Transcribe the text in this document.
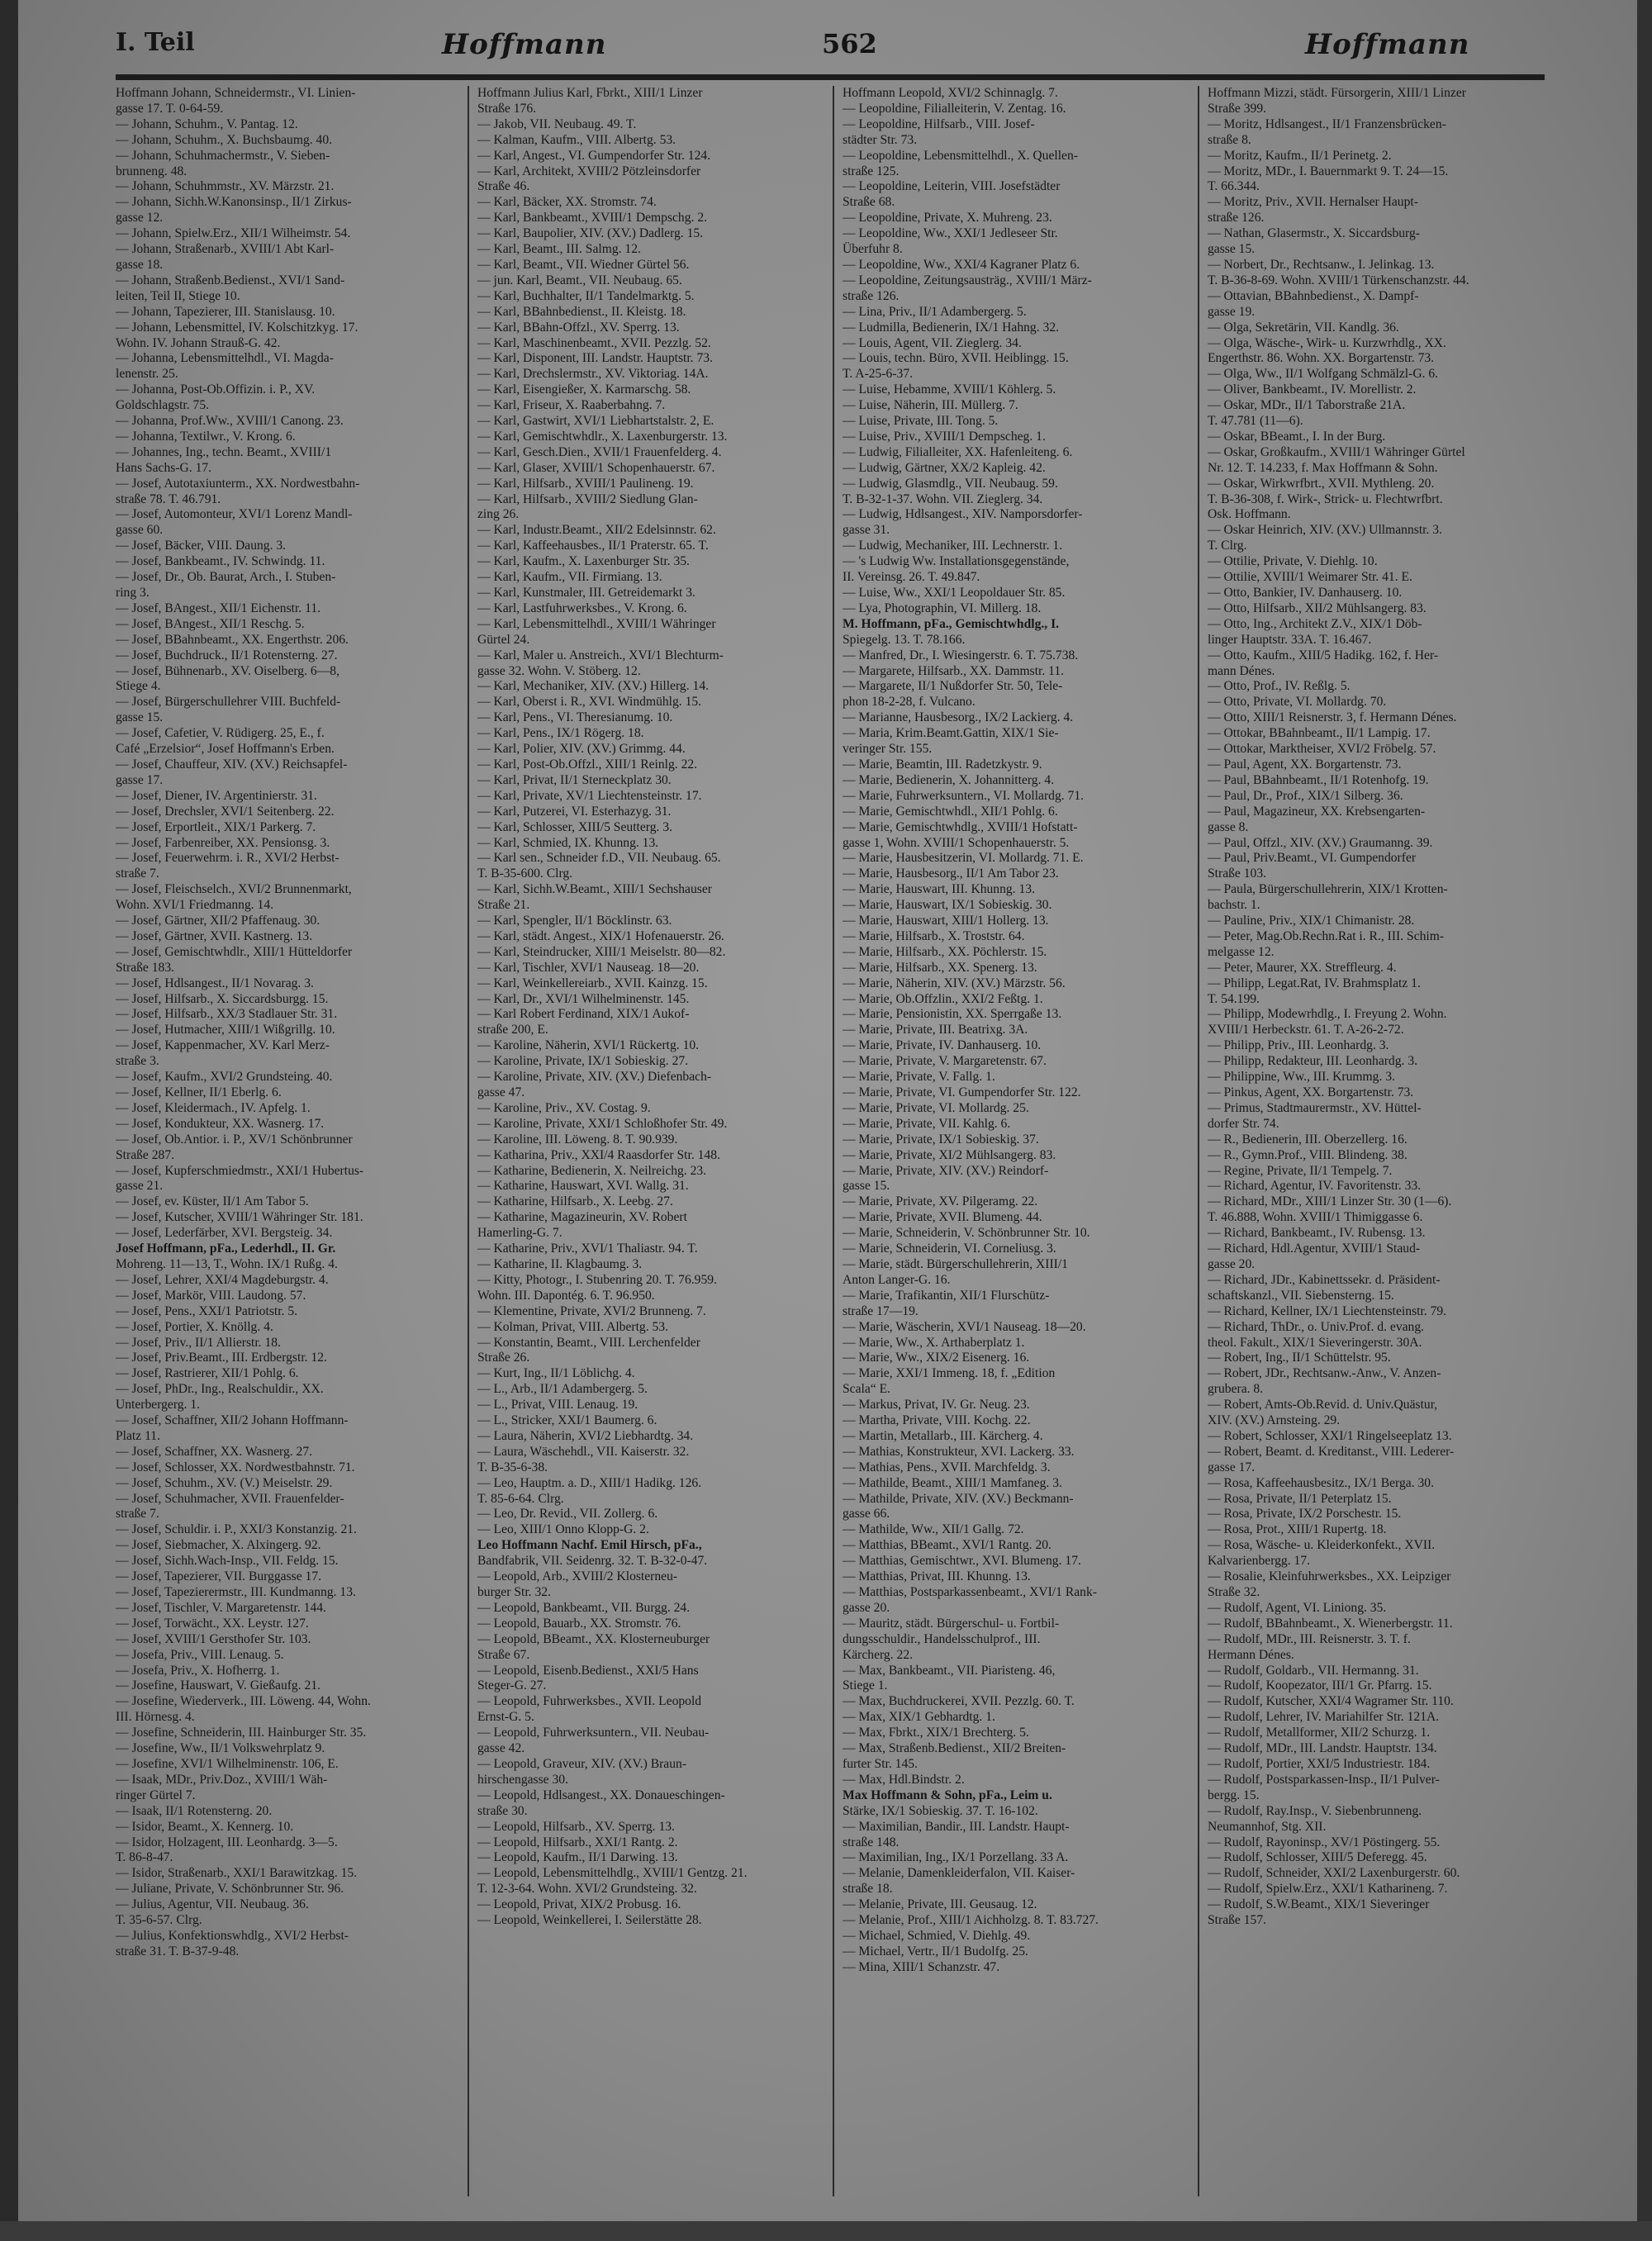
I. Teil	Hoffmann	562	Hoffmann
Hoffmann Johann, Schneidermstr., VI. Linien-
gasse 17. T. 0-64-59.
— Johann, Schuhm., V. Pantag. 12.
— Johann, Schuhm., X. Buchsbaumg. 40.
— Johann, Schuhmachermstr., V. Sieben-
brunneng. 48.
— Johann, Schuhmmstr., XV. Märzstr. 21.
— Johann, Sichh.W.Kanonsinsp., II/1 Zirkus-
gasse 12.
— Johann, Spielw.Erz., XII/1 Wilheimstr. 54.
— Johann, Straßenarb., XVIII/1 Abt Karl-
gasse 18.
— Johann, Straßenb.Bedienst., XVI/1 Sand-
leiten, Teil II, Stiege 10.
— Johann, Tapezierer, III. Stanislausg. 10.
— Johann, Lebensmittel, IV. Kolschitzkyg. 17.
Wohn. IV. Johann Strauß-G. 42.
— Johanna, Lebensmittelhdl., VI. Magda-
lenenstr. 25.
— Johanna, Post-Ob.Offizin. i. P., XV.
Goldschlagstr. 75.
— Johanna, Prof.Ww., XVIII/1 Canong. 23.
— Johanna, Textilwr., V. Krong. 6.
— Johannes, Ing., techn. Beamt., XVIII/1
Hans Sachs-G. 17.
— Josef, Autotaxiunterm., XX. Nordwestbahn-
straße 78. T. 46.791.
— Josef, Automonteur, XVI/1 Lorenz Mandl-
gasse 60.
— Josef, Bäcker, VIII. Daung. 3.
— Josef, Bankbeamt., IV. Schwindg. 11.
— Josef, Dr., Ob. Baurat, Arch., I. Stuben-
ring 3.
— Josef, BAngest., XII/1 Eichenstr. 11.
— Josef, BAngest., XII/1 Reschg. 5.
— Josef, BBahnbeamt., XX. Engerthstr. 206.
— Josef, Buchdruck., II/1 Rotensterng. 27.
— Josef, Bühnenarb., XV. Oiselberg. 6—8,
Stiege 4.
— Josef, Bürgerschullehrer VIII. Buchfeld-
gasse 15.
— Josef, Cafetier, V. Rüdigerg. 25, E., f.
Café „Erzelsior“, Josef Hoffmann's Erben.
— Josef, Chauffeur, XIV. (XV.) Reichsapfel-
gasse 17.
— Josef, Diener, IV. Argentinierstr. 31.
— Josef, Drechsler, XVI/1 Seitenberg. 22.
— Josef, Erportleit., XIX/1 Parkerg. 7.
— Josef, Farbenreiber, XX. Pensionsg. 3.
— Josef, Feuerwehrm. i. R., XVI/2 Herbst-
straße 7.
— Josef, Fleischselch., XVI/2 Brunnenmarkt,
Wohn. XVI/1 Friedmanng. 14.
— Josef, Gärtner, XII/2 Pfaffenaug. 30.
— Josef, Gärtner, XVII. Kastnerg. 13.
— Josef, Gemischtwhdlr., XIII/1 Hütteldorfer
Straße 183.
— Josef, Hdlsangest., II/1 Novarag. 3.
— Josef, Hilfsarb., X. Siccardsburgg. 15.
— Josef, Hilfsarb., XX/3 Stadlauer Str. 31.
— Josef, Hutmacher, XIII/1 Wißgrillg. 10.
— Josef, Kappenmacher, XV. Karl Merz-
straße 3.
— Josef, Kaufm., XVI/2 Grundsteing. 40.
— Josef, Kellner, II/1 Eberlg. 6.
— Josef, Kleidermach., IV. Apfelg. 1.
— Josef, Kondukteur, XX. Wasnerg. 17.
— Josef, Ob.Antior. i. P., XV/1 Schönbrunner
Straße 287.
— Josef, Kupferschmiedmstr., XXI/1 Hubertus-
gasse 21.
— Josef, ev. Küster, II/1 Am Tabor 5.
— Josef, Kutscher, XVIII/1 Währinger Str. 181.
— Josef, Lederfärber, XVI. Bergsteig. 34.
Josef Hoffmann, pFa., Lederhdl., II. Gr.
Mohreng. 11—13, T., Wohn. IX/1 Rußg. 4.
— Josef, Lehrer, XXI/4 Magdeburgstr. 4.
— Josef, Markör, VIII. Laudong. 57.
— Josef, Pens., XXI/1 Patriotstr. 5.
— Josef, Portier, X. Knöllg. 4.
— Josef, Priv., II/1 Allierstr. 18.
— Josef, Priv.Beamt., III. Erdbergstr. 12.
— Josef, Rastrierer, XII/1 Pohlg. 6.
— Josef, PhDr., Ing., Realschuldir., XX.
Unterbergerg. 1.
— Josef, Schaffner, XII/2 Johann Hoffmann-
Platz 11.
— Josef, Schaffner, XX. Wasnerg. 27.
— Josef, Schlosser, XX. Nordwestbahnstr. 71.
— Josef, Schuhm., XV. (V.) Meiselstr. 29.
— Josef, Schuhmacher, XVII. Frauenfelder-
straße 7.
— Josef, Schuldir. i. P., XXI/3 Konstanzig. 21.
— Josef, Siebmacher, X. Alxingerg. 92.
— Josef, Sichh.Wach-Insp., VII. Feldg. 15.
— Josef, Tapezierer, VII. Burggasse 17.
— Josef, Tapezierermstr., III. Kundmanng. 13.
— Josef, Tischler, V. Margaretenstr. 144.
— Josef, Torwächt., XX. Leystr. 127.
— Josef, XVIII/1 Gersthofer Str. 103.
— Josefa, Priv., VIII. Lenaug. 5.
— Josefa, Priv., X. Hofherrg. 1.
— Josefine, Hauswart, V. Gießaufg. 21.
— Josefine, Wiederverk., III. Löweng. 44, Wohn.
III. Hörnesg. 4.
— Josefine, Schneiderin, III. Hainburger Str. 35.
— Josefine, Ww., II/1 Volkswehrplatz 9.
— Josefine, XVI/1 Wilhelminenstr. 106, E.
— Isaak, MDr., Priv.Doz., XVIII/1 Wäh-
ringer Gürtel 7.
— Isaak, II/1 Rotensterng. 20.
— Isidor, Beamt., X. Kennerg. 10.
— Isidor, Holzagent, III. Leonhardg. 3—5.
T. 86-8-47.
— Isidor, Straßenarb., XXI/1 Barawitzkag. 15.
— Juliane, Private, V. Schönbrunner Str. 96.
— Julius, Agentur, VII. Neubaug. 36.
T. 35-6-57. Clrg.
— Julius, Konfektionswhdlg., XVI/2 Herbst-
straße 31. T. B-37-9-48.
Hoffmann Julius Karl, Fbrkt., XIII/1 Linzer
Straße 176.
— Jakob, VII. Neubaug. 49. T.
— Kalman, Kaufm., VIII. Albertg. 53.
— Karl, Angest., VI. Gumpendorfer Str. 124.
— Karl, Architekt, XVIII/2 Pötzleinsdorfer
Straße 46.
— Karl, Bäcker, XX. Stromstr. 74.
— Karl, Bankbeamt., XVIII/1 Dempschg. 2.
— Karl, Baupolier, XIV. (XV.) Dadlerg. 15.
— Karl, Beamt., III. Salmg. 12.
— Karl, Beamt., VII. Wiedner Gürtel 56.
— jun. Karl, Beamt., VII. Neubaug. 65.
— Karl, Buchhalter, II/1 Tandelmarktg. 5.
— Karl, BBahnbedienst., II. Kleistg. 18.
— Karl, BBahn-Offzl., XV. Sperrg. 13.
— Karl, Maschinenbeamt., XVII. Pezzlg. 52.
— Karl, Disponent, III. Landstr. Hauptstr. 73.
— Karl, Drechslermstr., XV. Viktoriag. 14A.
— Karl, Eisengießer, X. Karmarschg. 58.
— Karl, Friseur, X. Raaberbahng. 7.
— Karl, Gastwirt, XVI/1 Liebhartstalstr. 2, E.
— Karl, Gemischtwhdlr., X. Laxenburgerstr. 13.
— Karl, Gesch.Dien., XVII/1 Frauenfelderg. 4.
— Karl, Glaser, XVIII/1 Schopenhauerstr. 67.
— Karl, Hilfsarb., XVIII/1 Paulineng. 19.
— Karl, Hilfsarb., XVIII/2 Siedlung Glan-
zing 26.
— Karl, Industr.Beamt., XII/2 Edelsinnstr. 62.
— Karl, Kaffeehausbes., II/1 Praterstr. 65. T.
— Karl, Kaufm., X. Laxenburger Str. 35.
— Karl, Kaufm., VII. Firmiang. 13.
— Karl, Kunstmaler, III. Getreidemarkt 3.
— Karl, Lastfuhrwerksbes., V. Krong. 6.
— Karl, Lebensmittelhdl., XVIII/1 Währinger
Gürtel 24.
— Karl, Maler u. Anstreich., XVI/1 Blechturm-
gasse 32. Wohn. V. Stöberg. 12.
— Karl, Mechaniker, XIV. (XV.) Hillerg. 14.
— Karl, Oberst i. R., XVI. Windmühlg. 15.
— Karl, Pens., VI. Theresianumg. 10.
— Karl, Pens., IX/1 Rögerg. 18.
— Karl, Polier, XIV. (XV.) Grimmg. 44.
— Karl, Post-Ob.Offzl., XIII/1 Reinlg. 22.
— Karl, Privat, II/1 Sterneckplatz 30.
— Karl, Private, XV/1 Liechtensteinstr. 17.
— Karl, Putzerei, VI. Esterhazyg. 31.
— Karl, Schlosser, XIII/5 Seutterg. 3.
— Karl, Schmied, IX. Khunng. 13.
— Karl sen., Schneider f.D., VII. Neubaug. 65.
T. B-35-600. Clrg.
— Karl, Sichh.W.Beamt., XIII/1 Sechshauser
Straße 21.
— Karl, Spengler, II/1 Böcklinstr. 63.
— Karl, städt. Angest., XIX/1 Hofenauerstr. 26.
— Karl, Steindrucker, XIII/1 Meiselstr. 80—82.
— Karl, Tischler, XVI/1 Nauseag. 18—20.
— Karl, Weinkellereiarb., XVII. Kainzg. 15.
— Karl, Dr., XVI/1 Wilhelminenstr. 145.
— Karl Robert Ferdinand, XIX/1 Aukof-
straße 200, E.
— Karoline, Näherin, XVI/1 Rückertg. 10.
— Karoline, Private, IX/1 Sobieskig. 27.
— Karoline, Private, XIV. (XV.) Diefenbach-
gasse 47.
— Karoline, Priv., XV. Costag. 9.
— Karoline, Private, XXI/1 Schloßhofer Str. 49.
— Karoline, III. Löweng. 8. T. 90.939.
— Katharina, Priv., XXI/4 Raasdorfer Str. 148.
— Katharine, Bedienerin, X. Neilreichg. 23.
— Katharine, Hauswart, XVI. Wallg. 31.
— Katharine, Hilfsarb., X. Leebg. 27.
— Katharine, Magazineurin, XV. Robert
Hamerling-G. 7.
— Katharine, Priv., XVI/1 Thaliastr. 94. T.
— Katharine, II. Klagbaumg. 3.
— Kitty, Photogr., I. Stubenring 20. T. 76.959.
Wohn. III. Dapontég. 6. T. 96.950.
— Klementine, Private, XVI/2 Brunneng. 7.
— Kolman, Privat, VIII. Albertg. 53.
— Konstantin, Beamt., VIII. Lerchenfelder
Straße 26.
— Kurt, Ing., II/1 Löblichg. 4.
— L., Arb., II/1 Adambergerg. 5.
— L., Privat, VIII. Lenaug. 19.
— L., Stricker, XXI/1 Baumerg. 6.
— Laura, Näherin, XVI/2 Liebhardtg. 34.
— Laura, Wäschehdl., VII. Kaiserstr. 32.
T. B-35-6-38.
— Leo, Hauptm. a. D., XIII/1 Hadikg. 126.
T. 85-6-64. Clrg.
— Leo, Dr. Revid., VII. Zollerg. 6.
— Leo, XIII/1 Onno Klopp-G. 2.
Leo Hoffmann Nachf. Emil Hirsch, pFa.,
Bandfabrik, VII. Seidenrg. 32. T. B-32-0-47.
— Leopold, Arb., XVIII/2 Klosterneu-
burger Str. 32.
— Leopold, Bankbeamt., VII. Burgg. 24.
— Leopold, Bauarb., XX. Stromstr. 76.
— Leopold, BBeamt., XX. Klosterneuburger
Straße 67.
— Leopold, Eisenb.Bedienst., XXI/5 Hans
Steger-G. 27.
— Leopold, Fuhrwerksbes., XVII. Leopold
Ernst-G. 5.
— Leopold, Fuhrwerksuntern., VII. Neubau-
gasse 42.
— Leopold, Graveur, XIV. (XV.) Braun-
hirschengasse 30.
— Leopold, Hdlsangest., XX. Donaueschingen-
straße 30.
— Leopold, Hilfsarb., XV. Sperrg. 13.
— Leopold, Hilfsarb., XXI/1 Rantg. 2.
— Leopold, Kaufm., II/1 Darwing. 13.
— Leopold, Lebensmittelhdlg., XVIII/1 Gentzg. 21.
T. 12-3-64. Wohn. XVI/2 Grundsteing. 32.
— Leopold, Privat, XIX/2 Probusg. 16.
— Leopold, Weinkellerei, I. Seilerstätte 28.
Hoffmann Leopold, XVI/2 Schinnaglg. 7.
— Leopoldine, Filialleiterin, V. Zentag. 16.
— Leopoldine, Hilfsarb., VIII. Josef-
städter Str. 73.
— Leopoldine, Lebensmittelhdl., X. Quellen-
straße 125.
— Leopoldine, Leiterin, VIII. Josefstädter
Straße 68.
— Leopoldine, Private, X. Muhreng. 23.
— Leopoldine, Ww., XXI/1 Jedleseer Str.
Überfuhr 8.
— Leopoldine, Ww., XXI/4 Kagraner Platz 6.
— Leopoldine, Zeitungsausträg., XVIII/1 März-
straße 126.
— Lina, Priv., II/1 Adambergerg. 5.
— Ludmilla, Bedienerin, IX/1 Hahng. 32.
— Louis, Agent, VII. Zieglerg. 34.
— Louis, techn. Büro, XVII. Heiblingg. 15.
T. A-25-6-37.
— Luise, Hebamme, XVIII/1 Köhlerg. 5.
— Luise, Näherin, III. Müllerg. 7.
— Luise, Private, III. Tong. 5.
— Luise, Priv., XVIII/1 Dempscheg. 1.
— Ludwig, Filialleiter, XX. Hafenleiteng. 6.
— Ludwig, Gärtner, XX/2 Kapleig. 42.
— Ludwig, Glasmdlg., VII. Neubaug. 59.
T. B-32-1-37. Wohn. VII. Zieglerg. 34.
— Ludwig, Hdlsangest., XIV. Namporsdorfer-
gasse 31.
— Ludwig, Mechaniker, III. Lechnerstr. 1.
— 's Ludwig Ww. Installationsgegenstände,
II. Vereinsg. 26. T. 49.847.
— Luise, Ww., XXI/1 Leopoldauer Str. 85.
— Lya, Photographin, VI. Millerg. 18.
M. Hoffmann, pFa., Gemischtwhdlg., I.
Spiegelg. 13. T. 78.166.
— Manfred, Dr., I. Wiesingerstr. 6. T. 75.738.
— Margarete, Hilfsarb., XX. Dammstr. 11.
— Margarete, II/1 Nußdorfer Str. 50, Tele-
phon 18-2-28, f. Vulcano.
— Marianne, Hausbesorg., IX/2 Lackierg. 4.
— Maria, Krim.Beamt.Gattin, XIX/1 Sie-
veringer Str. 155.
— Marie, Beamtin, III. Radetzkystr. 9.
— Marie, Bedienerin, X. Johannitterg. 4.
— Marie, Fuhrwerksuntern., VI. Mollardg. 71.
— Marie, Gemischtwhdl., XII/1 Pohlg. 6.
— Marie, Gemischtwhdlg., XVIII/1 Hofstatt-
gasse 1, Wohn. XVIII/1 Schopenhauerstr. 5.
— Marie, Hausbesitzerin, VI. Mollardg. 71. E.
— Marie, Hausbesorg., II/1 Am Tabor 23.
— Marie, Hauswart, III. Khunng. 13.
— Marie, Hauswart, IX/1 Sobieskig. 30.
— Marie, Hauswart, XIII/1 Hollerg. 13.
— Marie, Hilfsarb., X. Troststr. 64.
— Marie, Hilfsarb., XX. Pöchlerstr. 15.
— Marie, Hilfsarb., XX. Spenerg. 13.
— Marie, Näherin, XIV. (XV.) Märzstr. 56.
— Marie, Ob.Offzlin., XXI/2 Feßtg. 1.
— Marie, Pensionistin, XX. Sperrgaße 13.
— Marie, Private, III. Beatrixg. 3A.
— Marie, Private, IV. Danhauserg. 10.
— Marie, Private, V. Margaretenstr. 67.
— Marie, Private, V. Fallg. 1.
— Marie, Private, VI. Gumpendorfer Str. 122.
— Marie, Private, VI. Mollardg. 25.
— Marie, Private, VII. Kahlg. 6.
— Marie, Private, IX/1 Sobieskig. 37.
— Marie, Private, XI/2 Mühlsangerg. 83.
— Marie, Private, XIV. (XV.) Reindorf-
gasse 15.
— Marie, Private, XV. Pilgeramg. 22.
— Marie, Private, XVII. Blumeng. 44.
— Marie, Schneiderin, V. Schönbrunner Str. 10.
— Marie, Schneiderin, VI. Corneliusg. 3.
— Marie, städt. Bürgerschullehrerin, XIII/1
Anton Langer-G. 16.
— Marie, Trafikantin, XII/1 Flurschütz-
straße 17—19.
— Marie, Wäscherin, XVI/1 Nauseag. 18—20.
— Marie, Ww., X. Arthaberplatz 1.
— Marie, Ww., XIX/2 Eisenerg. 16.
— Marie, XXI/1 Immeng. 18, f. „Edition
Scala“ E.
— Markus, Privat, IV. Gr. Neug. 23.
— Martha, Private, VIII. Kochg. 22.
— Martin, Metallarb., III. Kärcherg. 4.
— Mathias, Konstrukteur, XVI. Lackerg. 33.
— Mathias, Pens., XVII. Marchfeldg. 3.
— Mathilde, Beamt., XIII/1 Mamfaneg. 3.
— Mathilde, Private, XIV. (XV.) Beckmann-
gasse 66.
— Mathilde, Ww., XII/1 Gallg. 72.
— Matthias, BBeamt., XVI/1 Rantg. 20.
— Matthias, Gemischtwr., XVI. Blumeng. 17.
— Matthias, Privat, III. Khunng. 13.
— Matthias, Postsparkassenbeamt., XVI/1 Rank-
gasse 20.
— Mauritz, städt. Bürgerschul- u. Fortbil-
dungsschuldir., Handelsschulprof., III.
Kärcherg. 22.
— Max, Bankbeamt., VII. Piaristeng. 46,
Stiege 1.
— Max, Buchdruckerei, XVII. Pezzlg. 60. T.
— Max, XIX/1 Gebhardtg. 1.
— Max, Fbrkt., XIX/1 Brechterg. 5.
— Max, Straßenb.Bedienst., XII/2 Breiten-
furter Str. 145.
— Max, Hdl.Bindstr. 2.
Max Hoffmann & Sohn, pFa., Leim u.
Stärke, IX/1 Sobieskig. 37. T. 16-102.
— Maximilian, Bandir., III. Landstr. Haupt-
straße 148.
— Maximilian, Ing., IX/1 Porzellang. 33 A.
— Melanie, Damenkleiderfalon, VII. Kaiser-
straße 18.
— Melanie, Private, III. Geusaug. 12.
— Melanie, Prof., XIII/1 Aichholzg. 8. T. 83.727.
— Michael, Schmied, V. Diehlg. 49.
— Michael, Vertr., II/1 Budolfg. 25.
— Mina, XIII/1 Schanzstr. 47.
Hoffmann Mizzi, städt. Fürsorgerin, XIII/1 Linzer
Straße 399.
— Moritz, Hdlsangest., II/1 Franzensbrücken-
straße 8.
— Moritz, Kaufm., II/1 Perinetg. 2.
— Moritz, MDr., I. Bauernmarkt 9. T. 24—15.
T. 66.344.
— Moritz, Priv., XVII. Hernalser Haupt-
straße 126.
— Nathan, Glasermstr., X. Siccardsburg-
gasse 15.
— Norbert, Dr., Rechtsanw., I. Jelinkag. 13.
T. B-36-8-69. Wohn. XVIII/1 Türkenschanzstr. 44.
— Ottavian, BBahnbedienst., X. Dampf-
gasse 19.
— Olga, Sekretärin, VII. Kandlg. 36.
— Olga, Wäsche-, Wirk- u. Kurzwrhdlg., XX.
Engerthstr. 86. Wohn. XX. Borgartenstr. 73.
— Olga, Ww., II/1 Wolfgang Schmälzl-G. 6.
— Oliver, Bankbeamt., IV. Morellistr. 2.
— Oskar, MDr., II/1 Taborstraße 21A.
T. 47.781 (11—6).
— Oskar, BBeamt., I. In der Burg.
— Oskar, Großkaufm., XVIII/1 Währinger Gürtel
Nr. 12. T. 14.233, f. Max Hoffmann & Sohn.
— Oskar, Wirkwrfbrt., XVII. Mythleng. 20.
T. B-36-308, f. Wirk-, Strick- u. Flechtwrfbrt.
Osk. Hoffmann.
— Oskar Heinrich, XIV. (XV.) Ullmannstr. 3.
T. Clrg.
— Ottilie, Private, V. Diehlg. 10.
— Ottilie, XVIII/1 Weimarer Str. 41. E.
— Otto, Bankier, IV. Danhauserg. 10.
— Otto, Hilfsarb., XII/2 Mühlsangerg. 83.
— Otto, Ing., Architekt Z.V., XIX/1 Döb-
linger Hauptstr. 33A. T. 16.467.
— Otto, Kaufm., XIII/5 Hadikg. 162, f. Her-
mann Dénes.
— Otto, Prof., IV. Reßlg. 5.
— Otto, Private, VI. Mollardg. 70.
— Otto, XIII/1 Reisnerstr. 3, f. Hermann Dénes.
— Ottokar, BBahnbeamt., II/1 Lampig. 17.
— Ottokar, Marktheiser, XVI/2 Fröbelg. 57.
— Paul, Agent, XX. Borgartenstr. 73.
— Paul, BBahnbeamt., II/1 Rotenhofg. 19.
— Paul, Dr., Prof., XIX/1 Silberg. 36.
— Paul, Magazineur, XX. Krebsengarten-
gasse 8.
— Paul, Offzl., XIV. (XV.) Graumanng. 39.
— Paul, Priv.Beamt., VI. Gumpendorfer
Straße 103.
— Paula, Bürgerschullehrerin, XIX/1 Krotten-
bachstr. 1.
— Pauline, Priv., XIX/1 Chimanistr. 28.
— Peter, Mag.Ob.Rechn.Rat i. R., III. Schim-
melgasse 12.
— Peter, Maurer, XX. Streffleurg. 4.
— Philipp, Legat.Rat, IV. Brahmsplatz 1.
T. 54.199.
— Philipp, Modewrhdlg., I. Freyung 2. Wohn.
XVIII/1 Herbeckstr. 61. T. A-26-2-72.
— Philipp, Priv., III. Leonhardg. 3.
— Philipp, Redakteur, III. Leonhardg. 3.
— Philippine, Ww., III. Krummg. 3.
— Pinkus, Agent, XX. Borgartenstr. 73.
— Primus, Stadtmaurermstr., XV. Hüttel-
dorfer Str. 74.
— R., Bedienerin, III. Oberzellerg. 16.
— R., Gymn.Prof., VIII. Blindeng. 38.
— Regine, Private, II/1 Tempelg. 7.
— Richard, Agentur, IV. Favoritenstr. 33.
— Richard, MDr., XIII/1 Linzer Str. 30 (1—6).
T. 46.888, Wohn. XVIII/1 Thimiggasse 6.
— Richard, Bankbeamt., IV. Rubensg. 13.
— Richard, Hdl.Agentur, XVIII/1 Staud-
gasse 20.
— Richard, JDr., Kabinettssekr. d. Präsident-
schaftskanzl., VII. Siebensterng. 15.
— Richard, Kellner, IX/1 Liechtensteinstr. 79.
— Richard, ThDr., o. Univ.Prof. d. evang.
theol. Fakult., XIX/1 Sieveringerstr. 30A.
— Robert, Ing., II/1 Schüttelstr. 95.
— Robert, JDr., Rechtsanw.-Anw., V. Anzen-
grubera. 8.
— Robert, Amts-Ob.Revid. d. Univ.Quästur,
XIV. (XV.) Arnsteing. 29.
— Robert, Schlosser, XXI/1 Ringelseeplatz 13.
— Robert, Beamt. d. Kreditanst., VIII. Lederer-
gasse 17.
— Rosa, Kaffeehausbesitz., IX/1 Berga. 30.
— Rosa, Private, II/1 Peterplatz 15.
— Rosa, Private, IX/2 Porschestr. 15.
— Rosa, Prot., XIII/1 Rupertg. 18.
— Rosa, Wäsche- u. Kleiderkonfekt., XVII.
Kalvarienbergg. 17.
— Rosalie, Kleinfuhrwerksbes., XX. Leipziger
Straße 32.
— Rudolf, Agent, VI. Liniong. 35.
— Rudolf, BBahnbeamt., X. Wienerbergstr. 11.
— Rudolf, MDr., III. Reisnerstr. 3. T. f.
Hermann Dénes.
— Rudolf, Goldarb., VII. Hermanng. 31.
— Rudolf, Koopezator, III/1 Gr. Pfarrg. 15.
— Rudolf, Kutscher, XXI/4 Wagramer Str. 110.
— Rudolf, Lehrer, IV. Mariahilfer Str. 121A.
— Rudolf, Metallformer, XII/2 Schurzg. 1.
— Rudolf, MDr., III. Landstr. Hauptstr. 134.
— Rudolf, Portier, XXI/5 Industriestr. 184.
— Rudolf, Postsparkassen-Insp., II/1 Pulver-
bergg. 15.
— Rudolf, Ray.Insp., V. Siebenbrunneng.
Neumannhof, Stg. XII.
— Rudolf, Rayoninsp., XV/1 Pöstingerg. 55.
— Rudolf, Schlosser, XIII/5 Deferegg. 45.
— Rudolf, Schneider, XXI/2 Laxenburgerstr. 60.
— Rudolf, Spielw.Erz., XXI/1 Katharineng. 7.
— Rudolf, S.W.Beamt., XIX/1 Sieveringer
Straße 157.
